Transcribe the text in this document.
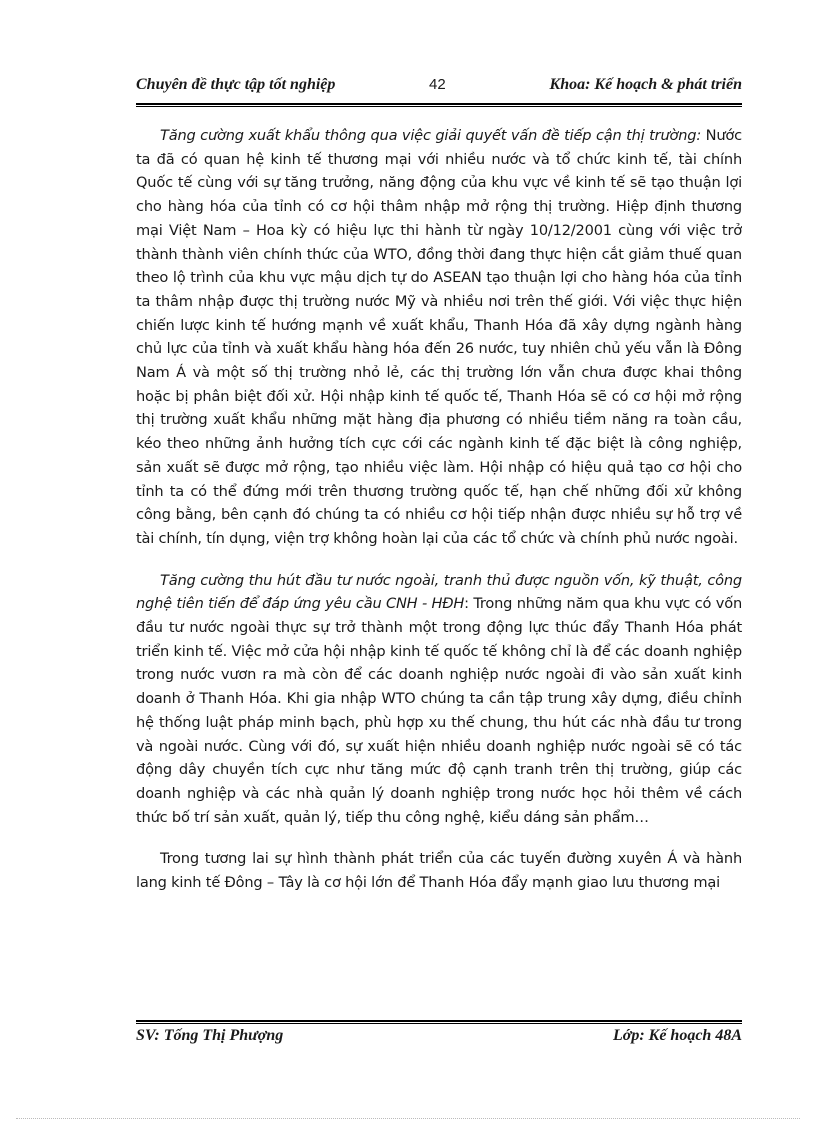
Chuyên đề thực tập tốt nghiệp	42	Khoa: Kế hoạch & phát triển

Tăng cường xuất khẩu thông qua việc giải quyết vấn đề tiếp cận thị trường: Nước ta đã có quan hệ kinh tế thương mại với nhiều nước và tổ chức kinh tế, tài chính Quốc tế cùng với sự tăng trưởng, năng động của khu vực về kinh tế sẽ tạo thuận lợi cho hàng hóa của tỉnh có cơ hội thâm nhập mở rộng thị trường. Hiệp định thương mại Việt Nam – Hoa kỳ có hiệu lực thi hành từ ngày 10/12/2001 cùng với việc trở thành thành viên chính thức của WTO, đồng thời đang thực hiện cắt giảm thuế quan theo lộ trình của khu vực mậu dịch tự do ASEAN tạo thuận lợi cho hàng hóa của tỉnh ta thâm nhập được thị trường nước Mỹ và nhiều nơi trên thế giới. Với việc thực hiện chiến lược kinh tế hướng mạnh về xuất khẩu, Thanh Hóa đã xây dựng ngành hàng chủ lực của tỉnh và xuất khẩu hàng hóa đến 26 nước, tuy nhiên chủ yếu vẫn là Đông Nam Á và một số thị trường nhỏ lẻ, các thị trường lớn vẫn chưa được khai thông hoặc bị phân biệt đối xử. Hội nhập kinh tế quốc tế, Thanh Hóa sẽ có cơ hội mở rộng thị trường xuất khẩu những mặt hàng địa phương có nhiều tiềm năng ra toàn cầu, kéo theo những ảnh hưởng tích cực cới các ngành kinh tế đặc biệt là công nghiệp, sản xuất sẽ được mở rộng, tạo nhiều việc làm. Hội nhập có hiệu quả tạo cơ hội cho tỉnh ta có thể đứng mới trên thương trường quốc tế, hạn chế những đối xử không công bằng, bên cạnh đó chúng ta có nhiều cơ hội tiếp nhận được nhiều sự hỗ trợ về tài chính, tín dụng, viện trợ không hoàn lại của các tổ chức và chính phủ nước ngoài.

Tăng cường thu hút đầu tư nước ngoài, tranh thủ được nguồn vốn, kỹ thuật, công nghệ tiên tiến để đáp ứng yêu cầu CNH - HĐH: Trong những năm qua khu vực có vốn đầu tư nước ngoài thực sự trở thành một trong động lực thúc đẩy Thanh Hóa phát triển kinh tế. Việc mở cửa hội nhập kinh tế quốc tế không chỉ là để các doanh nghiệp trong nước vươn ra mà còn để các doanh nghiệp nước ngoài đi vào sản xuất kinh doanh ở Thanh Hóa. Khi gia nhập WTO chúng ta cần tập trung xây dựng, điều chỉnh hệ thống luật pháp minh bạch, phù hợp xu thế chung, thu hút các nhà đầu tư trong và ngoài nước. Cùng với đó, sự xuất hiện nhiều doanh nghiệp nước ngoài sẽ có tác động dây chuyền tích cực như tăng mức độ cạnh tranh trên thị trường, giúp các doanh nghiệp và các nhà quản lý doanh nghiệp trong nước học hỏi thêm về cách thức bố trí sản xuất, quản lý, tiếp thu công nghệ, kiểu dáng sản phẩm…

Trong tương lai sự hình thành phát triển của các tuyến đường xuyên Á và hành lang kinh tế Đông – Tây là cơ hội lớn để Thanh Hóa đẩy mạnh giao lưu thương mại

SV: Tống Thị Phượng	Lớp: Kế hoạch 48A
